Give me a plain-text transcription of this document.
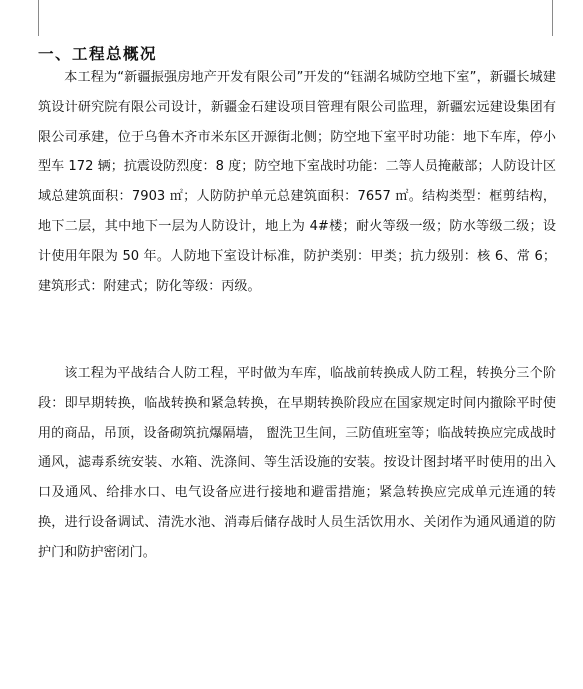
一、工程总概况

本工程为“新疆振强房地产开发有限公司”开发的“钰湖名城防空地下室”，新疆长城建筑设计研究院有限公司设计，新疆金石建设项目管理有限公司监理，新疆宏远建设集团有限公司承建，位于乌鲁木齐市米东区开源街北侧；防空地下室平时功能：地下车库，停小型车 172 辆；抗震设防烈度：8 度；防空地下室战时功能：二等人员掩蔽部；人防设计区域总建筑面积：7903 ㎡；人防防护单元总建筑面积：7657 ㎡。结构类型：框剪结构，地下二层，其中地下一层为人防设计，地上为 4#楼；耐火等级一级；防水等级二级；设计使用年限为 50 年。人防地下室设计标准，防护类别：甲类；抗力级别：核 6、常 6；建筑形式：附建式；防化等级：丙级。

该工程为平战结合人防工程，平时做为车库，临战前转换成人防工程，转换分三个阶段：即早期转换，临战转换和紧急转换，在早期转换阶段应在国家规定时间内撤除平时使用的商品，吊顶，设备砌筑抗爆隔墙， 盥洗卫生间，三防值班室等；临战转换应完成战时通风，滤毒系统安装、水箱、洗涤间、等生活设施的安装。按设计图封堵平时使用的出入口及通风、给排水口、电气设备应进行接地和避雷措施；紧急转换应完成单元连通的转换，进行设备调试、清洗水池、消毒后储存战时人员生活饮用水、关闭作为通风通道的防护门和防护密闭门。
